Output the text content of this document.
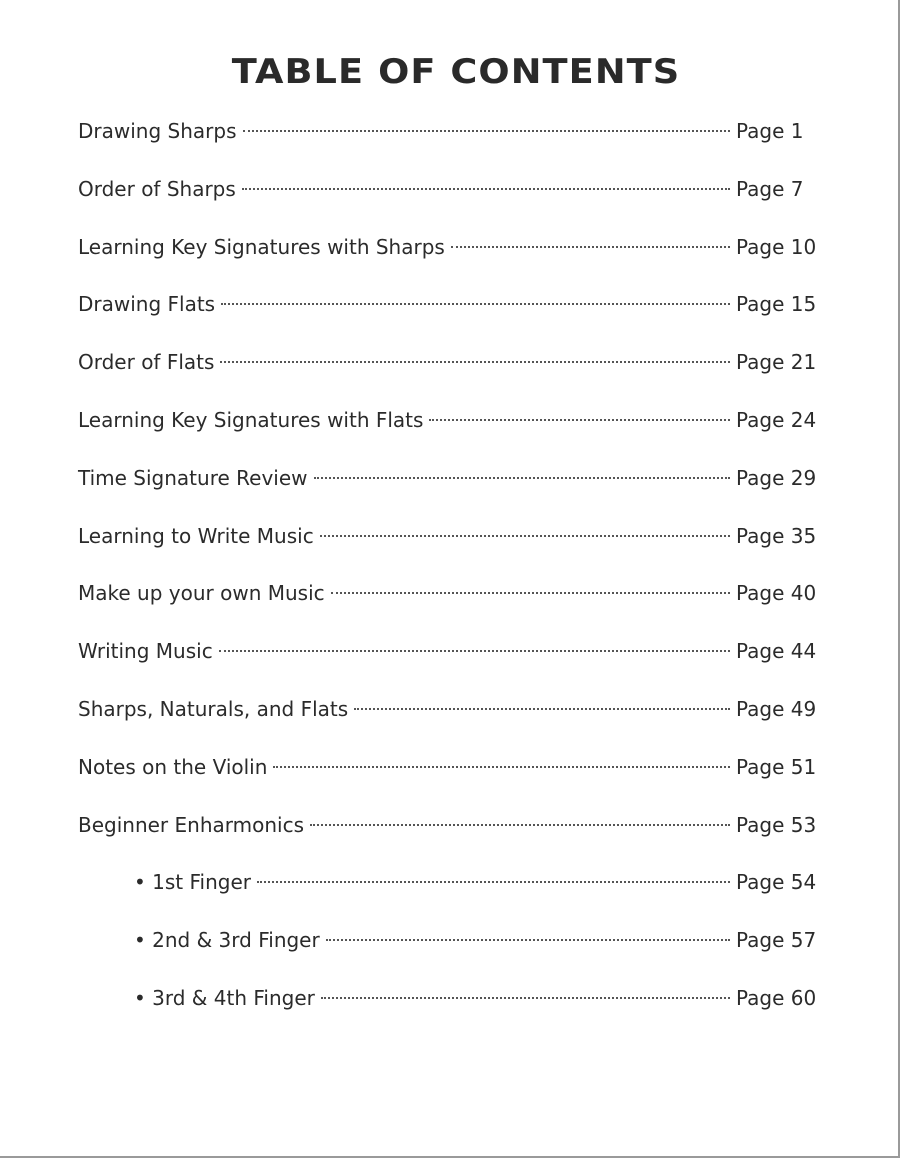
TABLE OF CONTENTS
Drawing Sharps	Page 1
Order of Sharps	Page 7
Learning Key Signatures with Sharps	Page 10
Drawing Flats	Page 15
Order of Flats	Page 21
Learning Key Signatures with Flats	Page 24
Time Signature Review	Page 29
Learning to Write Music	Page 35
Make up your own Music	Page 40
Writing Music	Page 44
Sharps, Naturals, and Flats	Page 49
Notes on the Violin	Page 51
Beginner Enharmonics	Page 53
• 1st Finger	Page 54
• 2nd & 3rd Finger	Page 57
• 3rd & 4th Finger	Page 60
